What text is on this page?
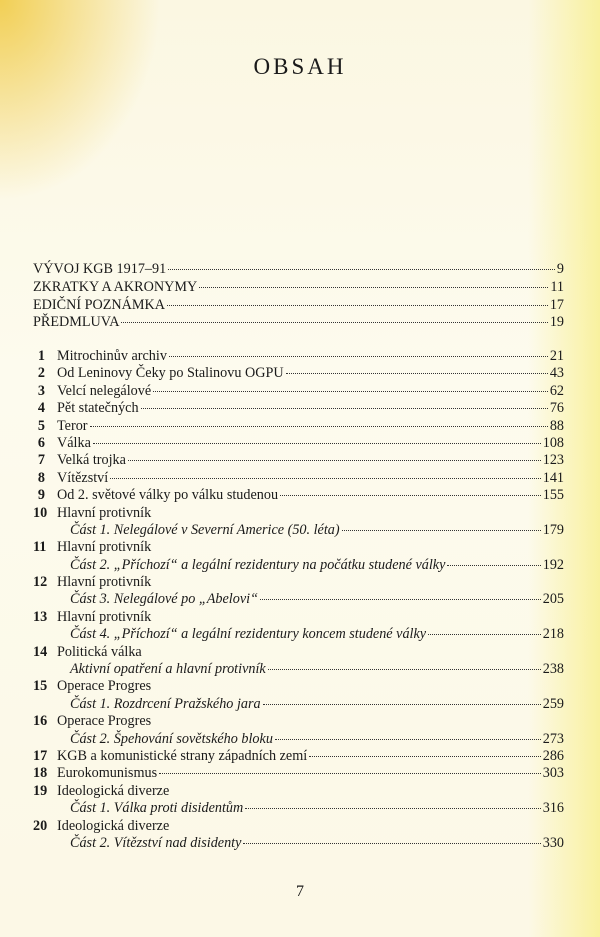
OBSAH
VÝVOJ KGB 1917–91	9
ZKRATKY A AKRONYMY	11
EDIČNÍ POZNÁMKA	17
PŘEDMLUVA	19
1 Mitrochinův archiv	21
2 Od Leninovy Čeky po Stalinovu OGPU	43
3 Velcí nelegálové	62
4 Pět statečných	76
5 Teror	88
6 Válka	108
7 Velká trojka	123
8 Vítězství	141
9 Od 2. světové války po válku studenou	155
10 Hlavní protivník
Část 1. Nelegálové v Severní Americe (50. léta)	179
11 Hlavní protivník
Část 2. „Příchozí“ a legální rezidentury na počátku studené války	192
12 Hlavní protivník
Část 3. Nelegálové po „Abelovi“	205
13 Hlavní protivník
Část 4. „Příchozí“ a legální rezidentury koncem studené války	218
14 Politická válka
Aktivní opatření a hlavní protivník	238
15 Operace Progres
Část 1. Rozdrcení Pražského jara	259
16 Operace Progres
Část 2. Špehování sovětského bloku	273
17 KGB a komunistické strany západních zemí	286
18 Eurokomunismus	303
19 Ideologická diverze
Část 1. Válka proti disidentům	316
20 Ideologická diverze
Část 2. Vítězství nad disidenty	330
7
